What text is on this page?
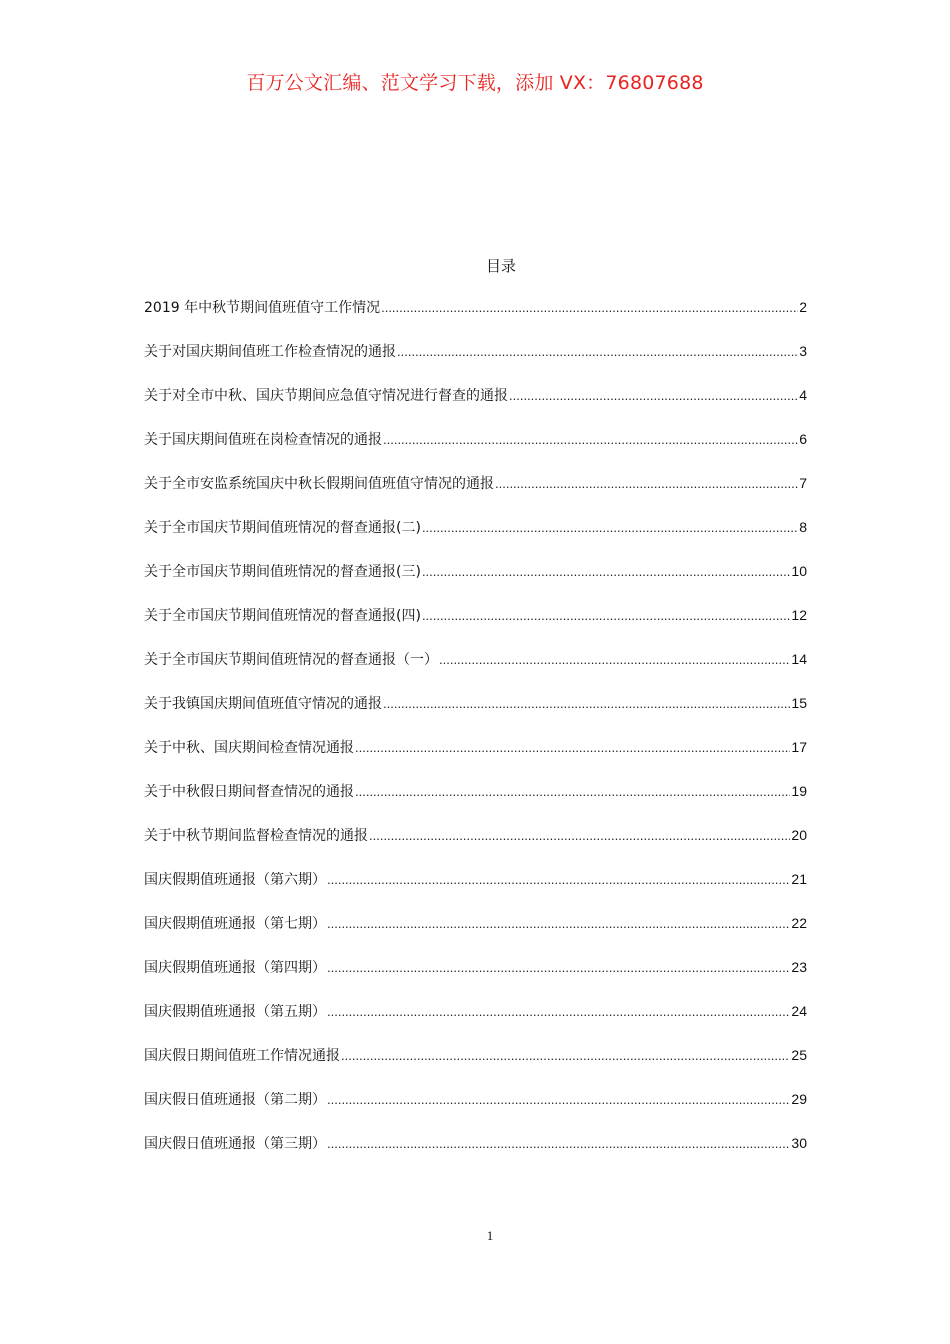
百万公文汇编、范文学习下载，添加 VX：76807688
目录
2019 年中秋节期间值班值守工作情况 .....	2
关于对国庆期间值班工作检查情况的通报 .....	3
关于对全市中秋、国庆节期间应急值守情况进行督查的通报 .....	4
关于国庆期间值班在岗检查情况的通报 .....	6
关于全市安监系统国庆中秋长假期间值班值守情况的通报 .....	7
关于全市国庆节期间值班情况的督查通报(二) .....	8
关于全市国庆节期间值班情况的督查通报(三) .....	10
关于全市国庆节期间值班情况的督查通报(四) .....	12
关于全市国庆节期间值班情况的督查通报（一） .....	14
关于我镇国庆期间值班值守情况的通报 .....	15
关于中秋、国庆期间检查情况通报 .....	17
关于中秋假日期间督查情况的通报 .....	19
关于中秋节期间监督检查情况的通报 .....	20
国庆假期值班通报（第六期） .....	21
国庆假期值班通报（第七期） .....	22
国庆假期值班通报（第四期） .....	23
国庆假期值班通报（第五期） .....	24
国庆假日期间值班工作情况通报 .....	25
国庆假日值班通报（第二期） .....	29
国庆假日值班通报（第三期） .....	30
1
